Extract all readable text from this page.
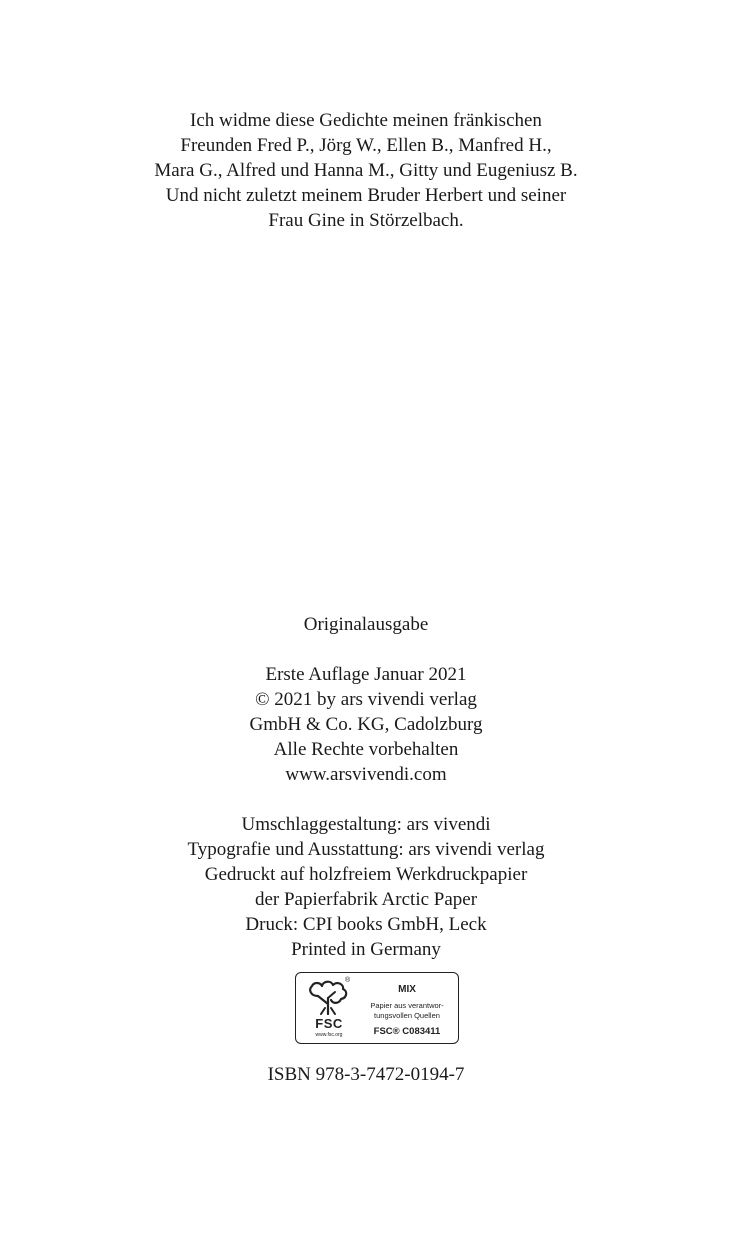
Ich widme diese Gedichte meinen fränkischen
Freunden Fred P., Jörg W., Ellen B., Manfred H.,
Mara G., Alfred und Hanna M., Gitty und Eugeniusz B.
Und nicht zuletzt meinem Bruder Herbert und seiner
Frau Gine in Störzelbach.
Originalausgabe
Erste Auflage Januar 2021
© 2021 by ars vivendi verlag
GmbH & Co. KG, Cadolzburg
Alle Rechte vorbehalten
www.arsvivendi.com
Umschlaggestaltung: ars vivendi
Typografie und Ausstattung: ars vivendi verlag
Gedruckt auf holzfreiem Werkdruckpapier
der Papierfabrik Arctic Paper
Druck: CPI books GmbH, Leck
Printed in Germany
®
FSC
www.fsc.org
MIX
Papier aus verantwor-
tungsvollen Quellen
FSC® C083411
ISBN 978-3-7472-0194-7
